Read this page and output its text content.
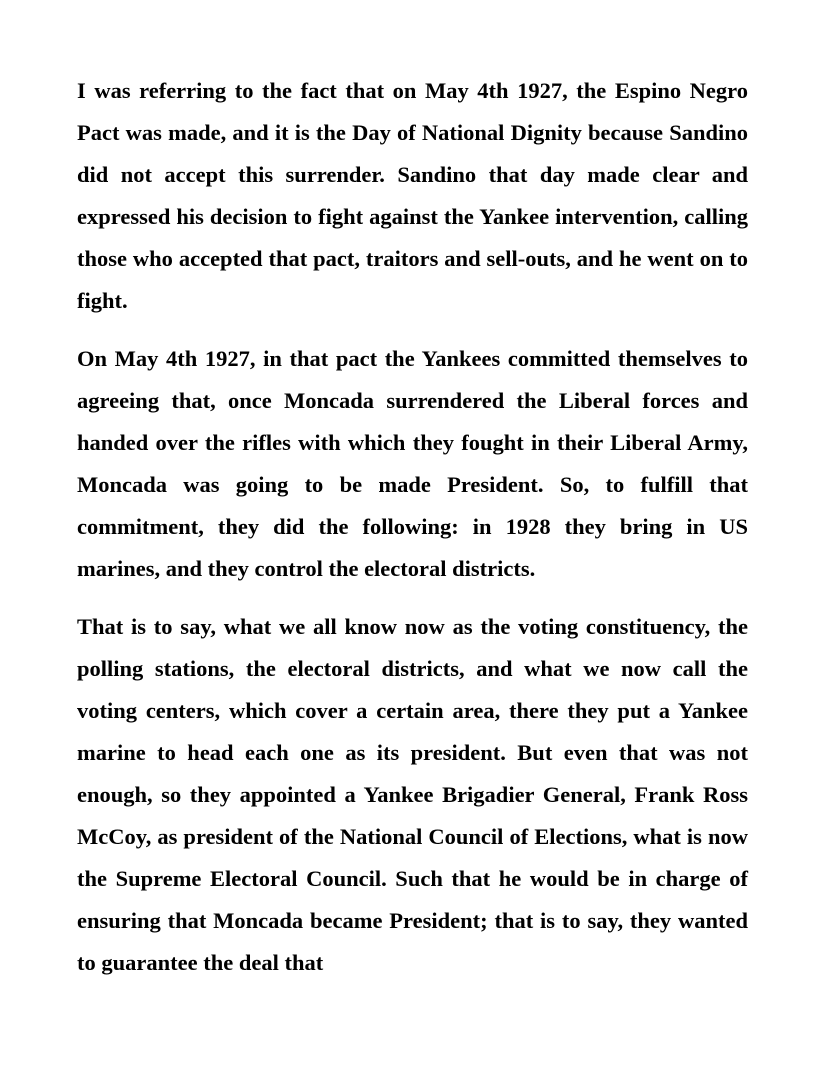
I was referring to the fact that on May 4th 1927, the Espino Negro Pact was made, and it is the Day of National Dignity because Sandino did not accept this surrender. Sandino that day made clear and expressed his decision to fight against the Yankee intervention, calling those who accepted that pact, traitors and sell-outs, and he went on to fight.

On May 4th 1927, in that pact the Yankees committed themselves to agreeing that, once Moncada surrendered the Liberal forces and handed over the rifles with which they fought in their Liberal Army, Moncada was going to be made President. So, to fulfill that commitment, they did the following: in 1928 they bring in US marines, and they control the electoral districts.

That is to say, what we all know now as the voting constituency, the polling stations, the electoral districts, and what we now call the voting centers, which cover a certain area, there they put a Yankee marine to head each one as its president. But even that was not enough, so they appointed a Yankee Brigadier General, Frank Ross McCoy, as president of the National Council of Elections, what is now the Supreme Electoral Council. Such that he would be in charge of ensuring that Moncada became President; that is to say, they wanted to guarantee the deal that
